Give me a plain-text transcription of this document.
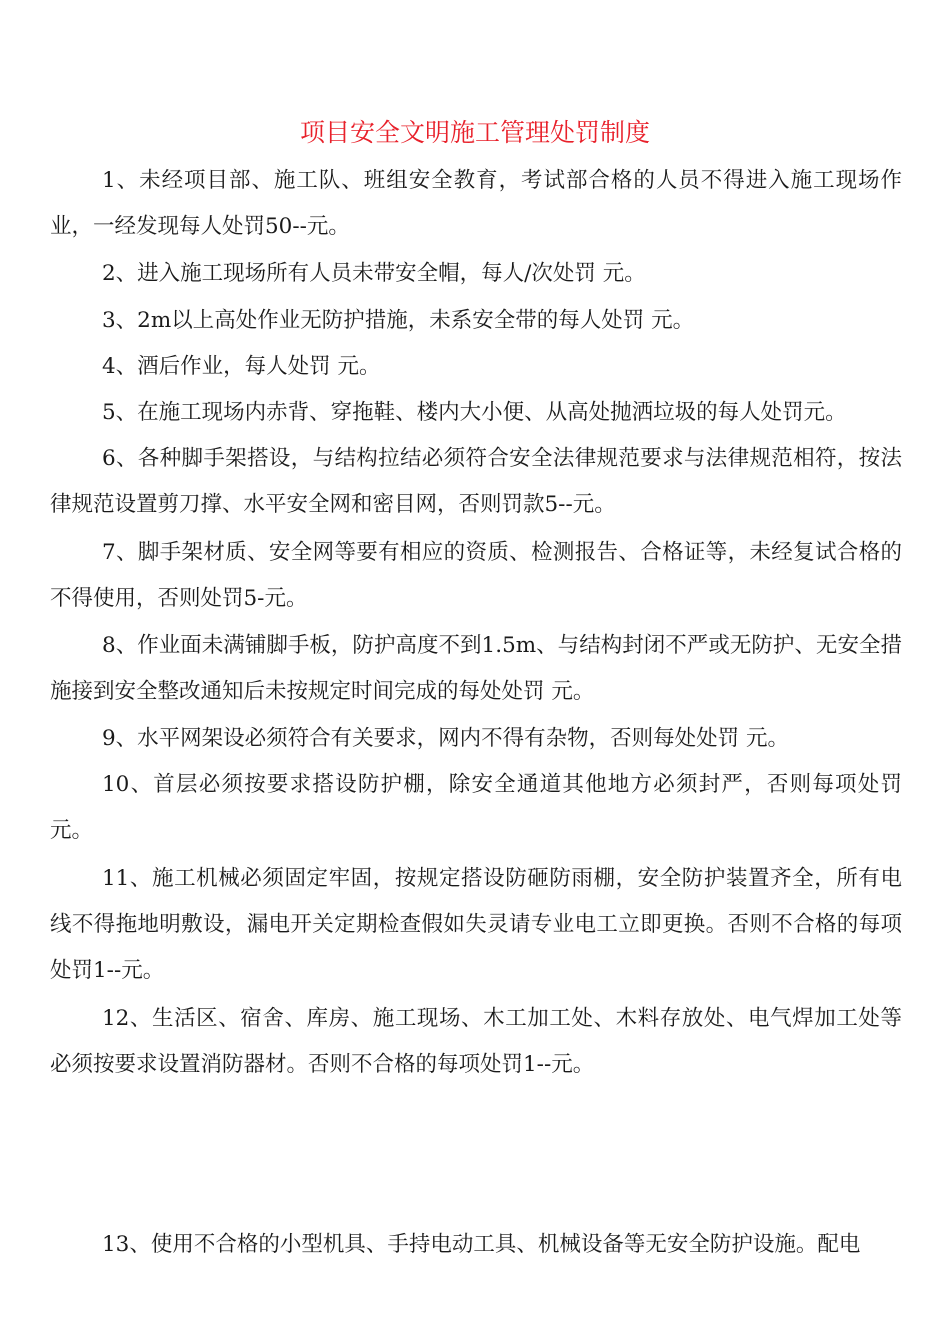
项目安全文明施工管理处罚制度

1、未经项目部、施工队、班组安全教育，考试部合格的人员不得进入施工现场作业，一经发现每人处罚50--元。

2、进入施工现场所有人员未带安全帽，每人/次处罚 元。

3、2m以上高处作业无防护措施，未系安全带的每人处罚 元。

4、酒后作业，每人处罚 元。

5、在施工现场内赤背、穿拖鞋、楼内大小便、从高处抛洒垃圾的每人处罚元。

6、各种脚手架搭设，与结构拉结必须符合安全法律规范要求与法律规范相符，按法律规范设置剪刀撑、水平安全网和密目网，否则罚款5--元。

7、脚手架材质、安全网等要有相应的资质、检测报告、合格证等，未经复试合格的不得使用，否则处罚5-元。

8、作业面未满铺脚手板，防护高度不到1.5m、与结构封闭不严或无防护、无安全措施接到安全整改通知后未按规定时间完成的每处处罚 元。

9、水平网架设必须符合有关要求，网内不得有杂物，否则每处处罚 元。

10、首层必须按要求搭设防护棚，除安全通道其他地方必须封严，否则每项处罚元。

11、施工机械必须固定牢固，按规定搭设防砸防雨棚，安全防护装置齐全，所有电线不得拖地明敷设，漏电开关定期检查假如失灵请专业电工立即更换。否则不合格的每项处罚1--元。

12、生活区、宿舍、库房、施工现场、木工加工处、木料存放处、电气焊加工处等必须按要求设置消防器材。否则不合格的每项处罚1--元。

13、使用不合格的小型机具、手持电动工具、机械设备等无安全防护设施。配电
